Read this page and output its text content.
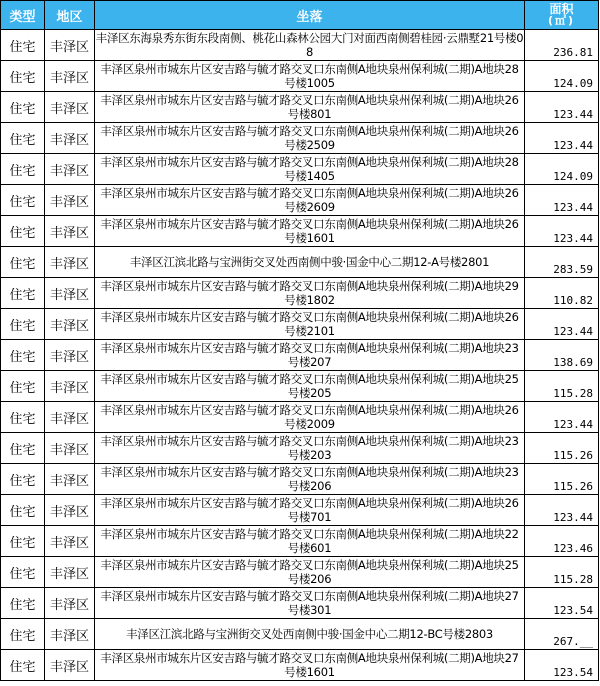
类型	地区	坐落	面积
(㎡)

住宅	丰泽区	丰泽区东海泉秀东街东段南侧、桃花山森林公园大门对面西南侧碧桂园·云鼎墅21号楼08	236.81
住宅	丰泽区	丰泽区泉州市城东片区安吉路与毓才路交叉口东南侧A地块泉州保利城(二期)A地块28号楼1005	124.09
住宅	丰泽区	丰泽区泉州市城东片区安吉路与毓才路交叉口东南侧A地块泉州保利城(二期)A地块26号楼801	123.44
住宅	丰泽区	丰泽区泉州市城东片区安吉路与毓才路交叉口东南侧A地块泉州保利城(二期)A地块26号楼2509	123.44
住宅	丰泽区	丰泽区泉州市城东片区安吉路与毓才路交叉口东南侧A地块泉州保利城(二期)A地块28号楼1405	124.09
住宅	丰泽区	丰泽区泉州市城东片区安吉路与毓才路交叉口东南侧A地块泉州保利城(二期)A地块26号楼2609	123.44
住宅	丰泽区	丰泽区泉州市城东片区安吉路与毓才路交叉口东南侧A地块泉州保利城(二期)A地块26号楼1601	123.44
住宅	丰泽区	丰泽区江滨北路与宝洲街交叉处西南侧中骏·国金中心二期12-A号楼2801	283.59
住宅	丰泽区	丰泽区泉州市城东片区安吉路与毓才路交叉口东南侧A地块泉州保利城(二期)A地块29号楼1802	110.82
住宅	丰泽区	丰泽区泉州市城东片区安吉路与毓才路交叉口东南侧A地块泉州保利城(二期)A地块26号楼2101	123.44
住宅	丰泽区	丰泽区泉州市城东片区安吉路与毓才路交叉口东南侧A地块泉州保利城(二期)A地块23号楼207	138.69
住宅	丰泽区	丰泽区泉州市城东片区安吉路与毓才路交叉口东南侧A地块泉州保利城(二期)A地块25号楼205	115.28
住宅	丰泽区	丰泽区泉州市城东片区安吉路与毓才路交叉口东南侧A地块泉州保利城(二期)A地块26号楼2009	123.44
住宅	丰泽区	丰泽区泉州市城东片区安吉路与毓才路交叉口东南侧A地块泉州保利城(二期)A地块23号楼203	115.26
住宅	丰泽区	丰泽区泉州市城东片区安吉路与毓才路交叉口东南侧A地块泉州保利城(二期)A地块23号楼206	115.26
住宅	丰泽区	丰泽区泉州市城东片区安吉路与毓才路交叉口东南侧A地块泉州保利城(二期)A地块26号楼701	123.44
住宅	丰泽区	丰泽区泉州市城东片区安吉路与毓才路交叉口东南侧A地块泉州保利城(二期)A地块22号楼601	123.46
住宅	丰泽区	丰泽区泉州市城东片区安吉路与毓才路交叉口东南侧A地块泉州保利城(二期)A地块25号楼206	115.28
住宅	丰泽区	丰泽区泉州市城东片区安吉路与毓才路交叉口东南侧A地块泉州保利城(二期)A地块27号楼301	123.54
住宅	丰泽区	丰泽区江滨北路与宝洲街交叉处西南侧中骏·国金中心二期12-BC号楼2803	267.__
住宅	丰泽区	丰泽区泉州市城东片区安吉路与毓才路交叉口东南侧A地块泉州保利城(二期)A地块27号楼1601	123.54
